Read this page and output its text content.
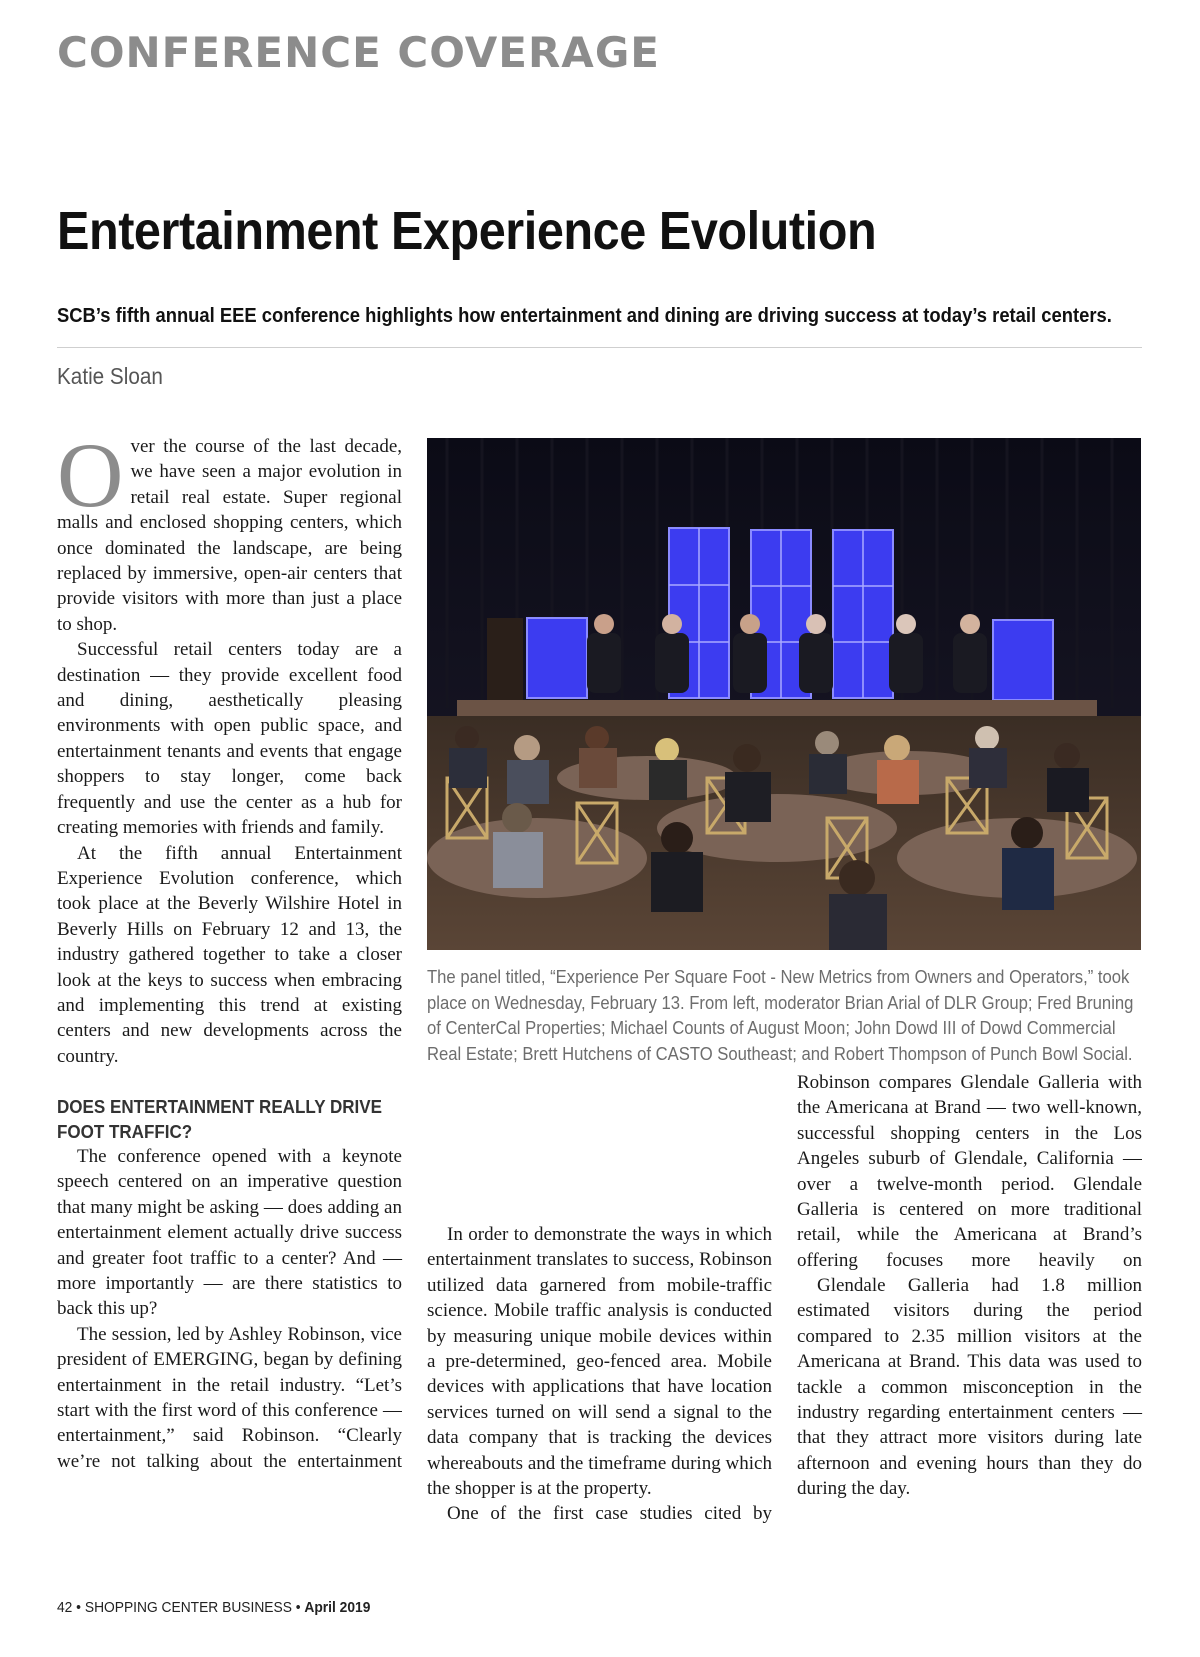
CONFERENCE COVERAGE
Entertainment Experience Evolution
SCB’s fifth annual EEE conference highlights how entertainment and dining are driving success at today’s retail centers.
Katie Sloan

Over the course of the last decade, we have seen a major evolution in retail real estate. Super regional malls and enclosed shopping centers, which once dominated the landscape, are being replaced by immersive, open-air centers that provide visitors with more than just a place to shop.

Successful retail centers today are a destination — they provide excellent food and dining, aesthetically pleasing environments with open public space, and entertainment tenants and events that engage shoppers to stay longer, come back frequently and use the center as a hub for creating memories with friends and family.

At the fifth annual Entertainment Experience Evolution conference, which took place at the Beverly Wilshire Hotel in Beverly Hills on February 12 and 13, the industry gathered together to take a closer look at the keys to success when embracing and implementing this trend at existing centers and new developments across the country.

DOES ENTERTAINMENT REALLY DRIVE FOOT TRAFFIC?

The conference opened with a keynote speech centered on an imperative question that many might be asking — does adding an entertainment element actually drive success and greater foot traffic to a center? And — more importantly — are there statistics to back this up?

The session, led by Ashley Robinson, vice president of EMERGING, began by defining entertainment in the retail industry. “Let’s start with the first word of this conference — entertainment,” said Robinson. “Clearly we’re not talking about the entertainment

In order to demonstrate the ways in which entertainment translates to success, Robinson utilized data garnered from mobile-traffic science. Mobile traffic analysis is conducted by measuring unique mobile devices within a pre-determined, geo-fenced area. Mobile devices with applications that have location services turned on will send a signal to the data company that is tracking the devices whereabouts and the timeframe during which the shopper is at the property.

One of the first case studies cited by

Robinson compares Glendale Galleria with the Americana at Brand — two well-known, successful shopping centers in the Los Angeles suburb of Glendale, California — over a twelve-month period. Glendale Galleria is centered on more traditional retail, while the Americana at Brand’s offering focuses more heavily on

Glendale Galleria had 1.8 million estimated visitors during the period compared to 2.35 million visitors at the Americana at Brand. This data was used to tackle a common misconception in the industry regarding entertainment centers — that they attract more visitors during late afternoon and evening hours than they do during the day.

The panel titled, “Experience Per Square Foot - New Metrics from Owners and Operators,” took place on Wednesday, February 13. From left, moderator Brian Arial of DLR Group; Fred Bruning of CenterCal Properties; Michael Counts of August Moon; John Dowd III of Dowd Commercial Real Estate; Brett Hutchens of CASTO Southeast; and Robert Thompson of Punch Bowl Social.

42 • SHOPPING CENTER BUSINESS • April 2019
